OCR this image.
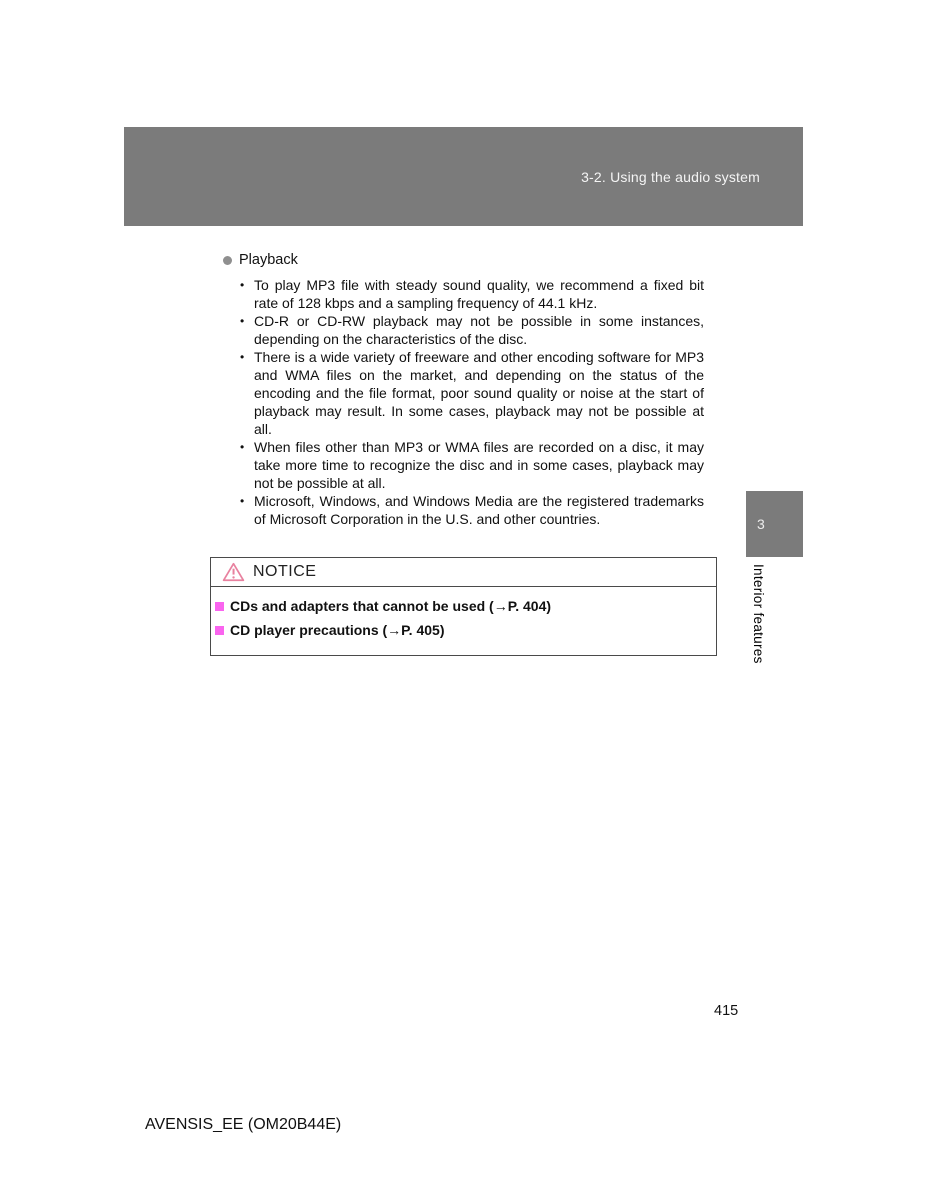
3-2. Using the audio system
Playback
• To play MP3 file with steady sound quality, we recommend a fixed bit rate of 128 kbps and a sampling frequency of 44.1 kHz.
• CD-R or CD-RW playback may not be possible in some instances, depending on the characteristics of the disc.
• There is a wide variety of freeware and other encoding software for MP3 and WMA files on the market, and depending on the status of the encoding and the file format, poor sound quality or noise at the start of playback may result. In some cases, playback may not be possible at all.
• When files other than MP3 or WMA files are recorded on a disc, it may take more time to recognize the disc and in some cases, playback may not be possible at all.
• Microsoft, Windows, and Windows Media are the registered trademarks of Microsoft Corporation in the U.S. and other countries.
NOTICE
CDs and adapters that cannot be used (→P. 404)
CD player precautions (→P. 405)
3
Interior features
415
AVENSIS_EE (OM20B44E)
